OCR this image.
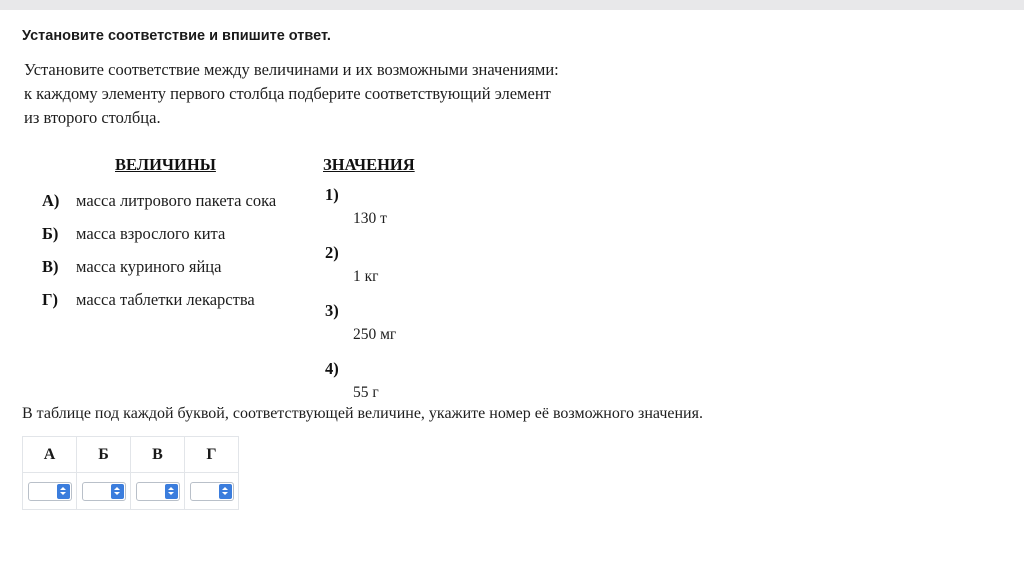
Установите соответствие и впишите ответ.
Установите соответствие между величинами и их возможными значениями:
к каждому элементу первого столбца подберите соответствующий элемент
из второго столбца.
ВЕЛИЧИНЫ	ЗНАЧЕНИЯ
А)	масса литрового пакета сока
Б)	масса взрослого кита
В)	масса куриного яйца
Г)	масса таблетки лекарства
1)
130 т
2)
1 кг
3)
250 мг
4)
55 г
В таблице под каждой буквой, соответствующей величине, укажите номер её возможного значения.
А	Б	В	Г
